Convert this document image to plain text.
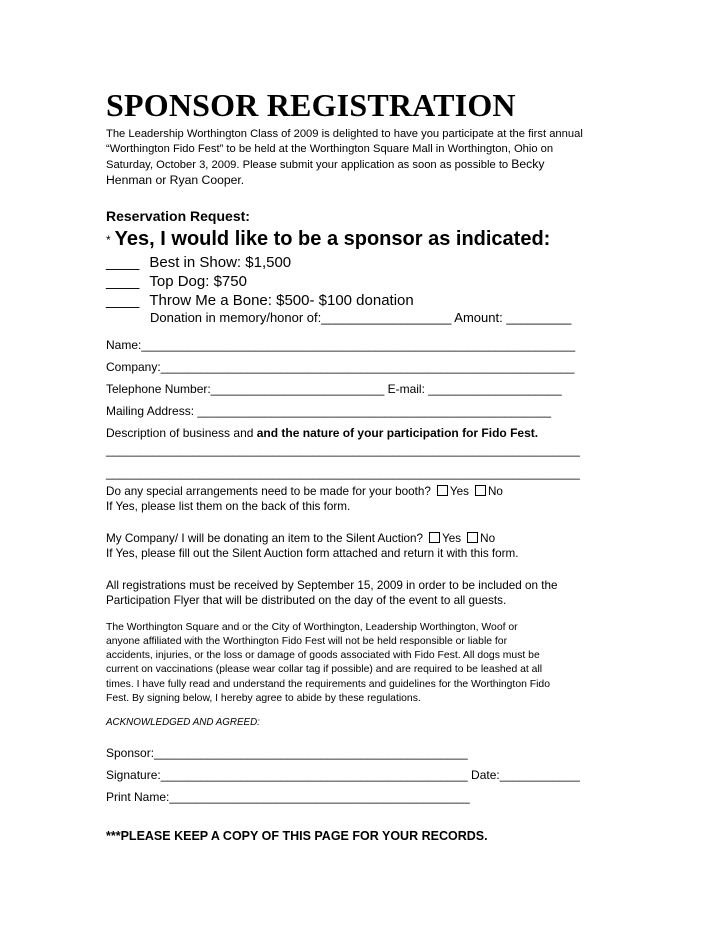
SPONSOR REGISTRATION
The Leadership Worthington Class of 2009 is delighted to have you participate at the first annual
“Worthington Fido Fest” to be held at the Worthington Square Mall in Worthington, Ohio on
Saturday, October 3, 2009. Please submit your application as soon as possible to Becky
Henman or Ryan Cooper.
Reservation Request:
* Yes, I would like to be a sponsor as indicated:
____ Best in Show: $1,500
____ Top Dog: $750
____ Throw Me a Bone: $500- $100 donation
Donation in memory/honor of:__________________ Amount: _________
Name:_________________________________________________________________
Company:______________________________________________________________
Telephone Number:__________________________ E-mail: ____________________
Mailing Address: _____________________________________________________
Description of business and and the nature of your participation for Fido Fest.
_______________________________________________________________________
_______________________________________________________________________
Do any special arrangements need to be made for your booth? Yes No
If Yes, please list them on the back of this form.
My Company/ I will be donating an item to the Silent Auction? Yes No
If Yes, please fill out the Silent Auction form attached and return it with this form.
All registrations must be received by September 15, 2009 in order to be included on the
Participation Flyer that will be distributed on the day of the event to all guests.
The Worthington Square and or the City of Worthington, Leadership Worthington, Woof or
anyone affiliated with the Worthington Fido Fest will not be held responsible or liable for
accidents, injuries, or the loss or damage of goods associated with Fido Fest. All dogs must be
current on vaccinations (please wear collar tag if possible) and are required to be leashed at all
times. I have fully read and understand the requirements and guidelines for the Worthington Fido
Fest. By signing below, I hereby agree to abide by these regulations.
ACKNOWLEDGED AND AGREED:
Sponsor:_______________________________________________
Signature:______________________________________________ Date:____________
Print Name:_____________________________________________
***PLEASE KEEP A COPY OF THIS PAGE FOR YOUR RECORDS.
